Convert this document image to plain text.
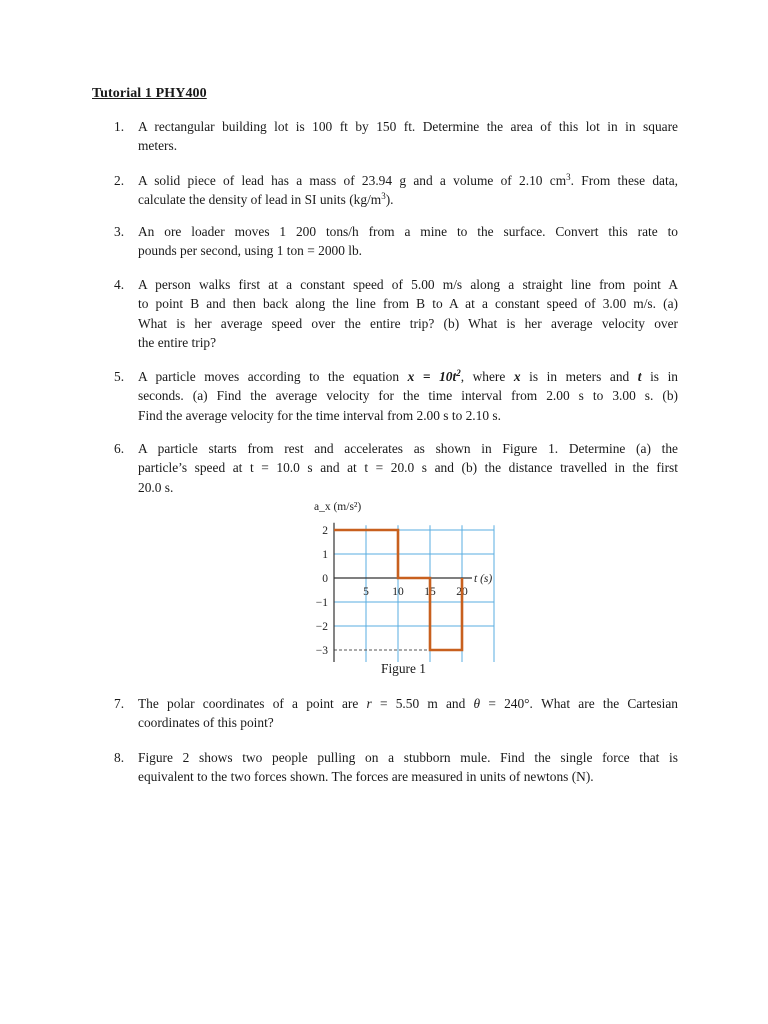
Tutorial 1 PHY400
1.	A rectangular building lot is 100 ft by 150 ft. Determine the area of this lot in in square
meters.
2.	A solid piece of lead has a mass of 23.94 g and a volume of 2.10 $cm^3$. From these data,
calculate the density of lead in SI units $(kg/m^3)$.
3.	An ore loader moves 1 200 tons/h from a mine to the surface. Convert this rate to
pounds per second, using 1 ton = 2000 lb.
4.	A person walks first at a constant speed of 5.00 m/s along a straight line from point A
to point B and then back along the line from B to A at a constant speed of 3.00 m/s. (a)
What is her average speed over the entire trip? (b) What is her average velocity over
the entire trip?
5.	A particle moves according to the equation $x = 10t^2$, where x is in meters and t is in
seconds. (a) Find the average velocity for the time interval from 2.00 s to 3.00 s. (b)
Find the average velocity for the time interval from 2.00 s to 2.10 s.
6.	A particle starts from rest and accelerates as shown in Figure 1. Determine (a) the
particle’s speed at t = 10.0 s and at t = 20.0 s and (b) the distance travelled in the first
20.0 s.
2
1
0
−1
−2
−3
5 10 15 20
t (s)
a_x (m/s²)
Figure 1
7.	The polar coordinates of a point are r = 5.50 m and θ = 240°. What are the Cartesian
coordinates of this point?
8.	Figure 2 shows two people pulling on a stubborn mule. Find the single force that is
equivalent to the two forces shown. The forces are measured in units of newtons (N).
